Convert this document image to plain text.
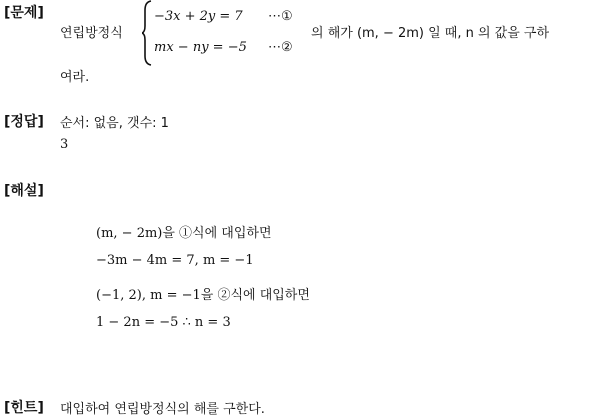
[문제]
연립방정식
−3x + 2y = 7 ⋯①
mx − ny = −5 ⋯②
의 해가 (m, − 2m) 일 때, n 의 값을 구하
여라.
[정답] 순서: 없음, 갯수: 1
3
[해설]
(m, − 2m)을 ①식에 대입하면
−3m − 4m = 7, m = −1
(−1, 2), m = −1을 ②식에 대입하면
1 − 2n = −5 ∴ n = 3
[힌트] 대입하여 연립방정식의 해를 구한다.
